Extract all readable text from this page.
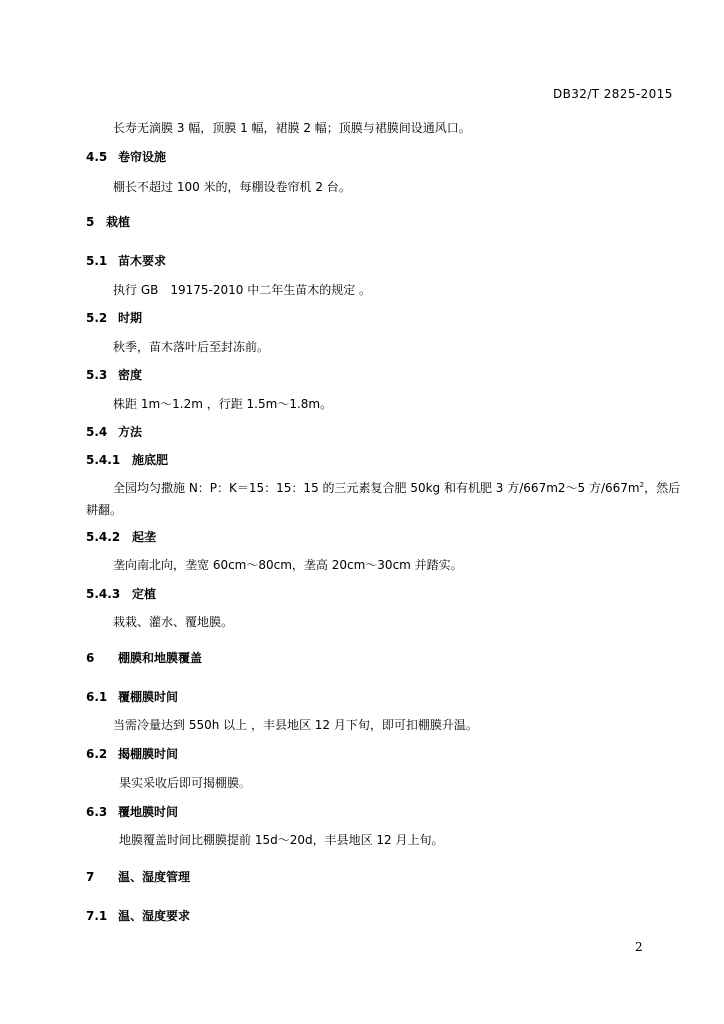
DB32/T 2825-2015
长寿无滴膜 3 幅，顶膜 1 幅，裙膜 2 幅；顶膜与裙膜间设通风口。
4.5 卷帘设施
棚长不超过 100 米的，每棚设卷帘机 2 台。
5 栽植
5.1 苗木要求
执行 GB　19175-2010 中二年生苗木的规定 。
5.2 时期
秋季，苗木落叶后至封冻前。
5.3 密度
株距 1m～1.2m ，行距 1.5m～1.8m。
5.4 方法
5.4.1 施底肥
全园均匀撒施 N：P：K＝15：15：15 的三元素复合肥 50kg 和有机肥 3 方/667m2～5 方$/667m^2$，然后
耕翻。
5.4.2 起垄
垄向南北向，垄宽 60cm～80cm，垄高 20cm～30cm 并踏实。
5.4.3 定植
栽栽、灌水、覆地膜。
6 棚膜和地膜覆盖
6.1 覆棚膜时间
当需冷量达到 550h 以上 ，丰县地区 12 月下旬，即可扣棚膜升温。
6.2 揭棚膜时间
果实采收后即可揭棚膜。
6.3 覆地膜时间
地膜覆盖时间比棚膜提前 15d～20d，丰县地区 12 月上旬。
7 温、湿度管理
7.1 温、湿度要求
2
